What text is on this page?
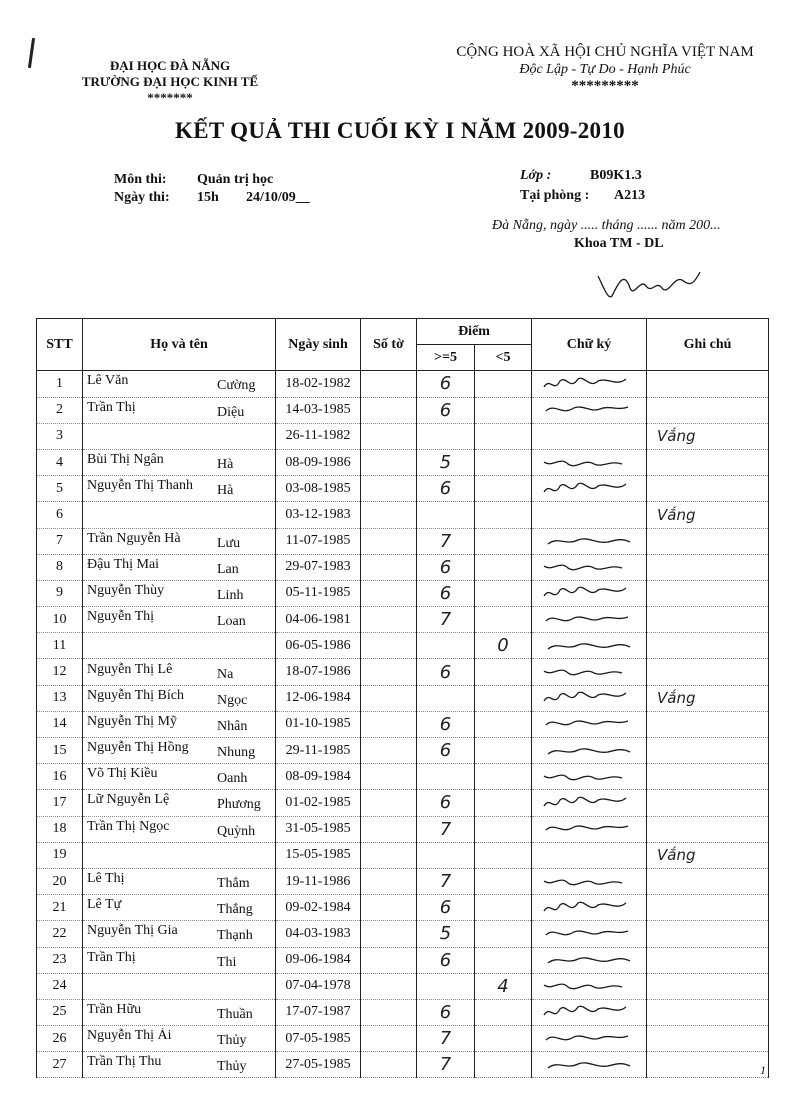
ĐẠI HỌC ĐÀ NẴNG
TRƯỜNG ĐẠI HỌC KINH TẾ
*******
CỘNG HOÀ XÃ HỘI CHỦ NGHĨA VIỆT NAM
Độc Lập - Tự Do - Hạnh Phúc
*********
KẾT QUẢ THI CUỐI KỲ I NĂM 2009-2010
Môn thi: Quản trị học
Ngày thi: 15h 24/10/09__
Lớp :	B09K1.3
Tại phòng : A213
Đà Nẵng, ngày ..... tháng ...... năm 200...
Khoa TM - DL
STT	Họ và tên	Ngày sinh	Số tờ	Điểm		Chữ ký	Ghi chú
				>=5	<5		
1	Lê Văn Cường	18-02-1982		6		

2	Trần Thị Diệu	14-03-1985		6		

3		26-11-1982					Vắng
4	Bùi Thị Ngân Hà	08-09-1986		5		

5	Nguyễn Thị Thanh Hà	03-08-1985		6		

6		03-12-1983					Vắng
7	Trần Nguyễn Hà Lưu	11-07-1985		7		

8	Đậu Thị Mai Lan	29-07-1983		6		

9	Nguyễn Thùy Linh	05-11-1985		6		

10	Nguyễn Thị Loan	04-06-1981		7		

11		06-05-1986			0	

12	Nguyễn Thị Lê Na	18-07-1986		6		

13	Nguyễn Thị Bích Ngọc	12-06-1984					Vắng
14	Nguyễn Thị Mỹ Nhân	01-10-1985		6		

15	Nguyễn Thị Hồng Nhung	29-11-1985		6		

16	Võ Thị Kiều Oanh	08-09-1984				

17	Lữ Nguyễn Lệ Phương	01-02-1985		6		

18	Trần Thị Ngọc Quỳnh	31-05-1985		7		

19		15-05-1985					Vắng
20	Lê Thị Thắm	19-11-1986		7		

21	Lê Tự Thắng	09-02-1984		6		

22	Nguyễn Thị Gia Thạnh	04-03-1983		5		

23	Trần Thị Thi	09-06-1984		6		

24		07-04-1978			4	

25	Trần Hữu Thuần	17-07-1987		6		

26	Nguyễn Thị Ái Thủy	07-05-1985		7		

27	Trần Thị Thu Thủy	27-05-1985		7		
		1
